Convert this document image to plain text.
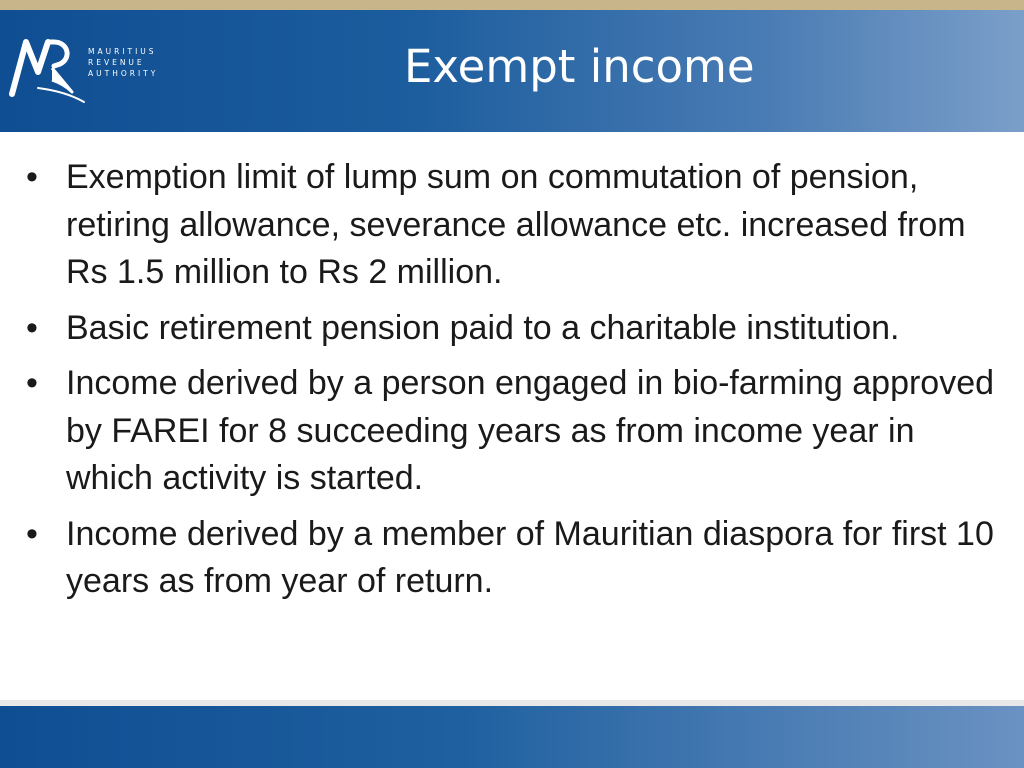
MAURITIUS
REVENUE
AUTHORITY	Exempt income
• Exemption limit of lump sum on commutation of pension, retiring allowance, severance allowance etc. increased from Rs 1.5 million to Rs 2 million.
• Basic retirement pension paid to a charitable institution.
• Income derived by a person engaged in bio-farming approved by FAREI for 8 succeeding years as from income year in which activity is started.
• Income derived by a member of Mauritian diaspora for first 10 years as from year of return.
